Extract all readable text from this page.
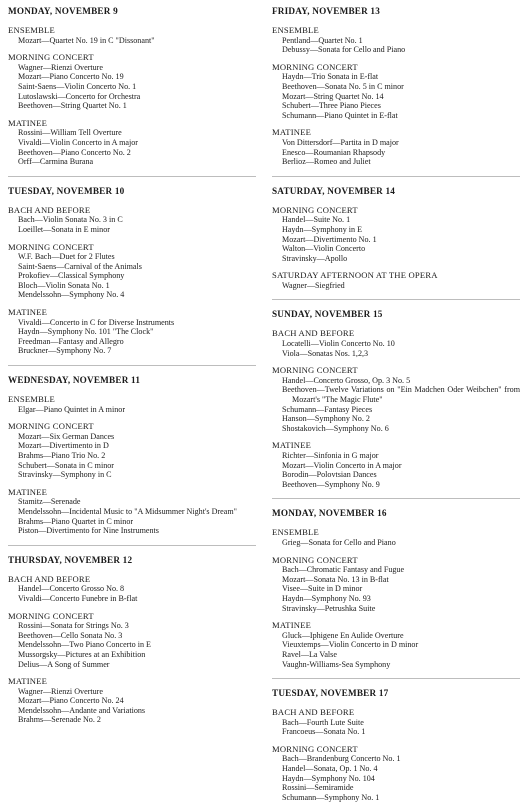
MONDAY, NOVEMBER 9
ENSEMBLE
Mozart—Quartet No. 19 in C "Dissonant"
MORNING CONCERT
Wagner—Rienzi Overture
Mozart—Piano Concerto No. 19
Saint-Saens—Violin Concerto No. 1
Lutoslawski—Concerto for Orchestra
Beethoven—String Quartet No. 1
MATINEE
Rossini—William Tell Overture
Vivaldi—Violin Concerto in A major
Beethoven—Piano Concerto No. 2
Orff—Carmina Burana
TUESDAY, NOVEMBER 10
BACH AND BEFORE
Bach—Violin Sonata No. 3 in C
Loeillet—Sonata in E minor
MORNING CONCERT
W.F. Bach—Duet for 2 Flutes
Saint-Saens—Carnival of the Animals
Prokofiev—Classical Symphony
Bloch—Violin Sonata No. 1
Mendelssohn—Symphony No. 4
MATINEE
Vivaldi—Concerto in C for Diverse Instruments
Haydn—Symphony No. 101 "The Clock"
Freedman—Fantasy and Allegro
Bruckner—Symphony No. 7
WEDNESDAY, NOVEMBER 11
ENSEMBLE
Elgar—Piano Quintet in A minor
MORNING CONCERT
Mozart—Six German Dances
Mozart—Divertimento in D
Brahms—Piano Trio No. 2
Schubert—Sonata in C minor
Stravinsky—Symphony in C
MATINEE
Stamitz—Serenade
Mendelssohn—Incidental Music to "A Midsummer Night's Dream"
Brahms—Piano Quartet in C minor
Piston—Divertimento for Nine Instruments
THURSDAY, NOVEMBER 12
BACH AND BEFORE
Handel—Concerto Grosso No. 8
Vivaldi—Concerto Funebre in B-flat
MORNING CONCERT
Rossini—Sonata for Strings No. 3
Beethoven—Cello Sonata No. 3
Mendelssohn—Two Piano Concerto in E
Mussorgsky—Pictures at an Exhibition
Delius—A Song of Summer
MATINEE
Wagner—Rienzi Overture
Mozart—Piano Concerto No. 24
Mendelssohn—Andante and Variations
Brahms—Serenade No. 2
FRIDAY, NOVEMBER 13
ENSEMBLE
Pentland—Quartet No. 1
Debussy—Sonata for Cello and Piano
MORNING CONCERT
Haydn—Trio Sonata in E-flat
Beethoven—Sonata No. 5 in C minor
Mozart—String Quartet No. 14
Schubert—Three Piano Pieces
Schumann—Piano Quintet in E-flat
MATINEE
Von Dittersdorf—Partita in D major
Enesco—Roumanian Rhapsody
Berlioz—Romeo and Juliet
SATURDAY, NOVEMBER 14
MORNING CONCERT
Handel—Suite No. 1
Haydn—Symphony in E
Mozart—Divertimento No. 1
Walton—Violin Concerto
Stravinsky—Apollo
SATURDAY AFTERNOON AT THE OPERA
Wagner—Siegfried
SUNDAY, NOVEMBER 15
BACH AND BEFORE
Locatelli—Violin Concerto No. 10
Viola—Sonatas Nos. 1,2,3
MORNING CONCERT
Handel—Concerto Grosso, Op. 3 No. 5
Beethoven—Twelve Variations on "Ein Madchen Oder Weibchen" from Mozart's "The Magic Flute"
Schumann—Fantasy Pieces
Hanson—Symphony No. 2
Shostakovich—Symphony No. 6
MATINEE
Richter—Sinfonia in G major
Mozart—Violin Concerto in A major
Borodin—Polovtsian Dances
Beethoven—Symphony No. 9
MONDAY, NOVEMBER 16
ENSEMBLE
Grieg—Sonata for Cello and Piano
MORNING CONCERT
Bach—Chromatic Fantasy and Fugue
Mozart—Sonata No. 13 in B-flat
Visee—Suite in D minor
Haydn—Symphony No. 93
Stravinsky—Petrushka Suite
MATINEE
Gluck—Iphigene En Aulide Overture
Vieuxtemps—Violin Concerto in D minor
Ravel—La Valse
Vaughn-Williams-Sea Symphony
TUESDAY, NOVEMBER 17
BACH AND BEFORE
Bach—Fourth Lute Suite
Francoeus—Sonata No. 1
MORNING CONCERT
Bach—Brandenburg Concerto No. 1
Handel—Sonata, Op. 1 No. 4
Haydn—Symphony No. 104
Rossini—Semiramide
Schumann—Symphony No. 1
